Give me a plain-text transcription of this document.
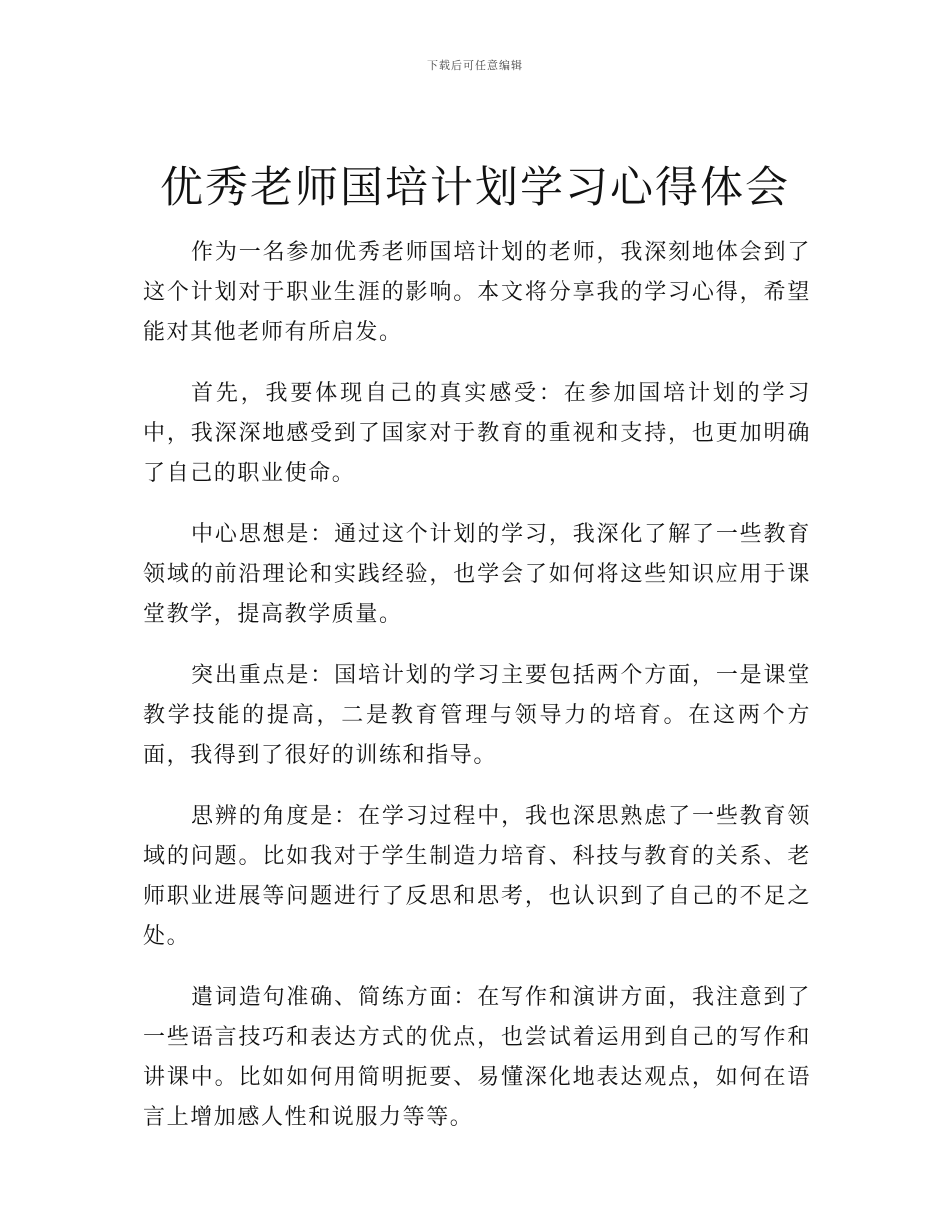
下载后可任意编辑
优秀老师国培计划学习心得体会

作为一名参加优秀老师国培计划的老师，我深刻地体会到了这个计划对于职业生涯的影响。本文将分享我的学习心得，希望能对其他老师有所启发。

首先，我要体现自己的真实感受：在参加国培计划的学习中，我深深地感受到了国家对于教育的重视和支持，也更加明确了自己的职业使命。

中心思想是：通过这个计划的学习，我深化了解了一些教育领域的前沿理论和实践经验，也学会了如何将这些知识应用于课堂教学，提高教学质量。

突出重点是：国培计划的学习主要包括两个方面，一是课堂教学技能的提高，二是教育管理与领导力的培育。在这两个方面，我得到了很好的训练和指导。

思辨的角度是：在学习过程中，我也深思熟虑了一些教育领域的问题。比如我对于学生制造力培育、科技与教育的关系、老师职业进展等问题进行了反思和思考，也认识到了自己的不足之处。

遣词造句准确、简练方面：在写作和演讲方面，我注意到了一些语言技巧和表达方式的优点，也尝试着运用到自己的写作和讲课中。比如如何用简明扼要、易懂深化地表达观点，如何在语言上增加感人性和说服力等等。
